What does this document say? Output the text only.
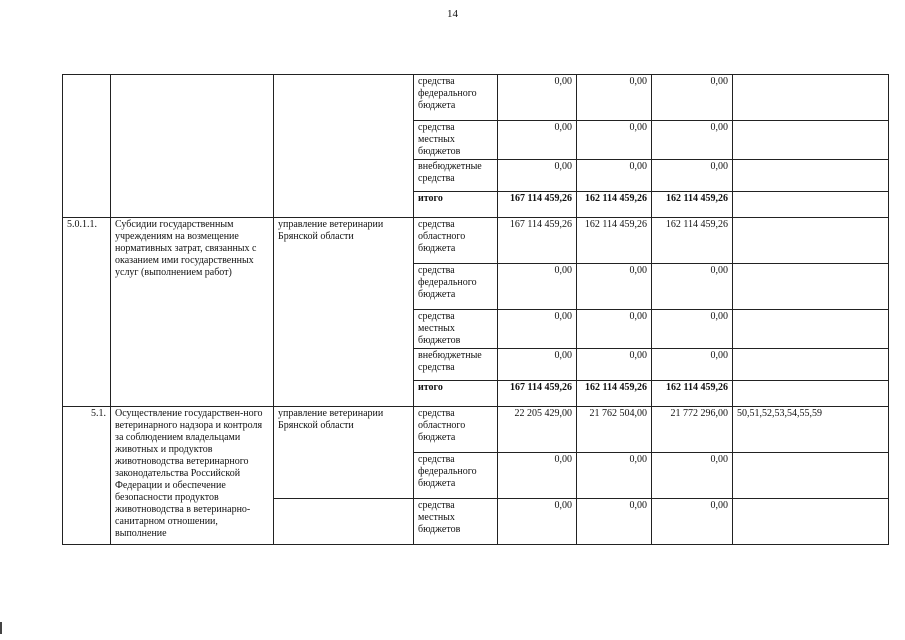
14
			средства федерального бюджета	0,00	0,00	0,00	
			средства местных бюджетов	0,00	0,00	0,00	
			внебюджетные средства	0,00	0,00	0,00	
			итого	167 114 459,26	162 114 459,26	162 114 459,26	
5.0.1.1.	Субсидии государственным учреждениям на возмещение нормативных затрат, связанных с оказанием ими государственных услуг (выполнением работ)	управление ветеринарии Брянской области	средства областного бюджета	167 114 459,26	162 114 459,26	162 114 459,26	
			средства федерального бюджета	0,00	0,00	0,00	
			средства местных бюджетов	0,00	0,00	0,00	
			внебюджетные средства	0,00	0,00	0,00	
			итого	167 114 459,26	162 114 459,26	162 114 459,26	
5.1.	Осуществление государствен-ного ветеринарного надзора и контроля за соблюдением владельцами животных и продуктов животноводства ветеринарного законодательства Российской Федерации и обеспечение безопасности продуктов животноводства в ветеринарно-санитарном отношении, выполнение	управление ветеринарии Брянской области	средства областного бюджета	22 205 429,00	21 762 504,00	21 772 296,00	50,51,52,53,54,55,59
			средства федерального бюджета	0,00	0,00	0,00	
			средства местных бюджетов	0,00	0,00	0,00	
